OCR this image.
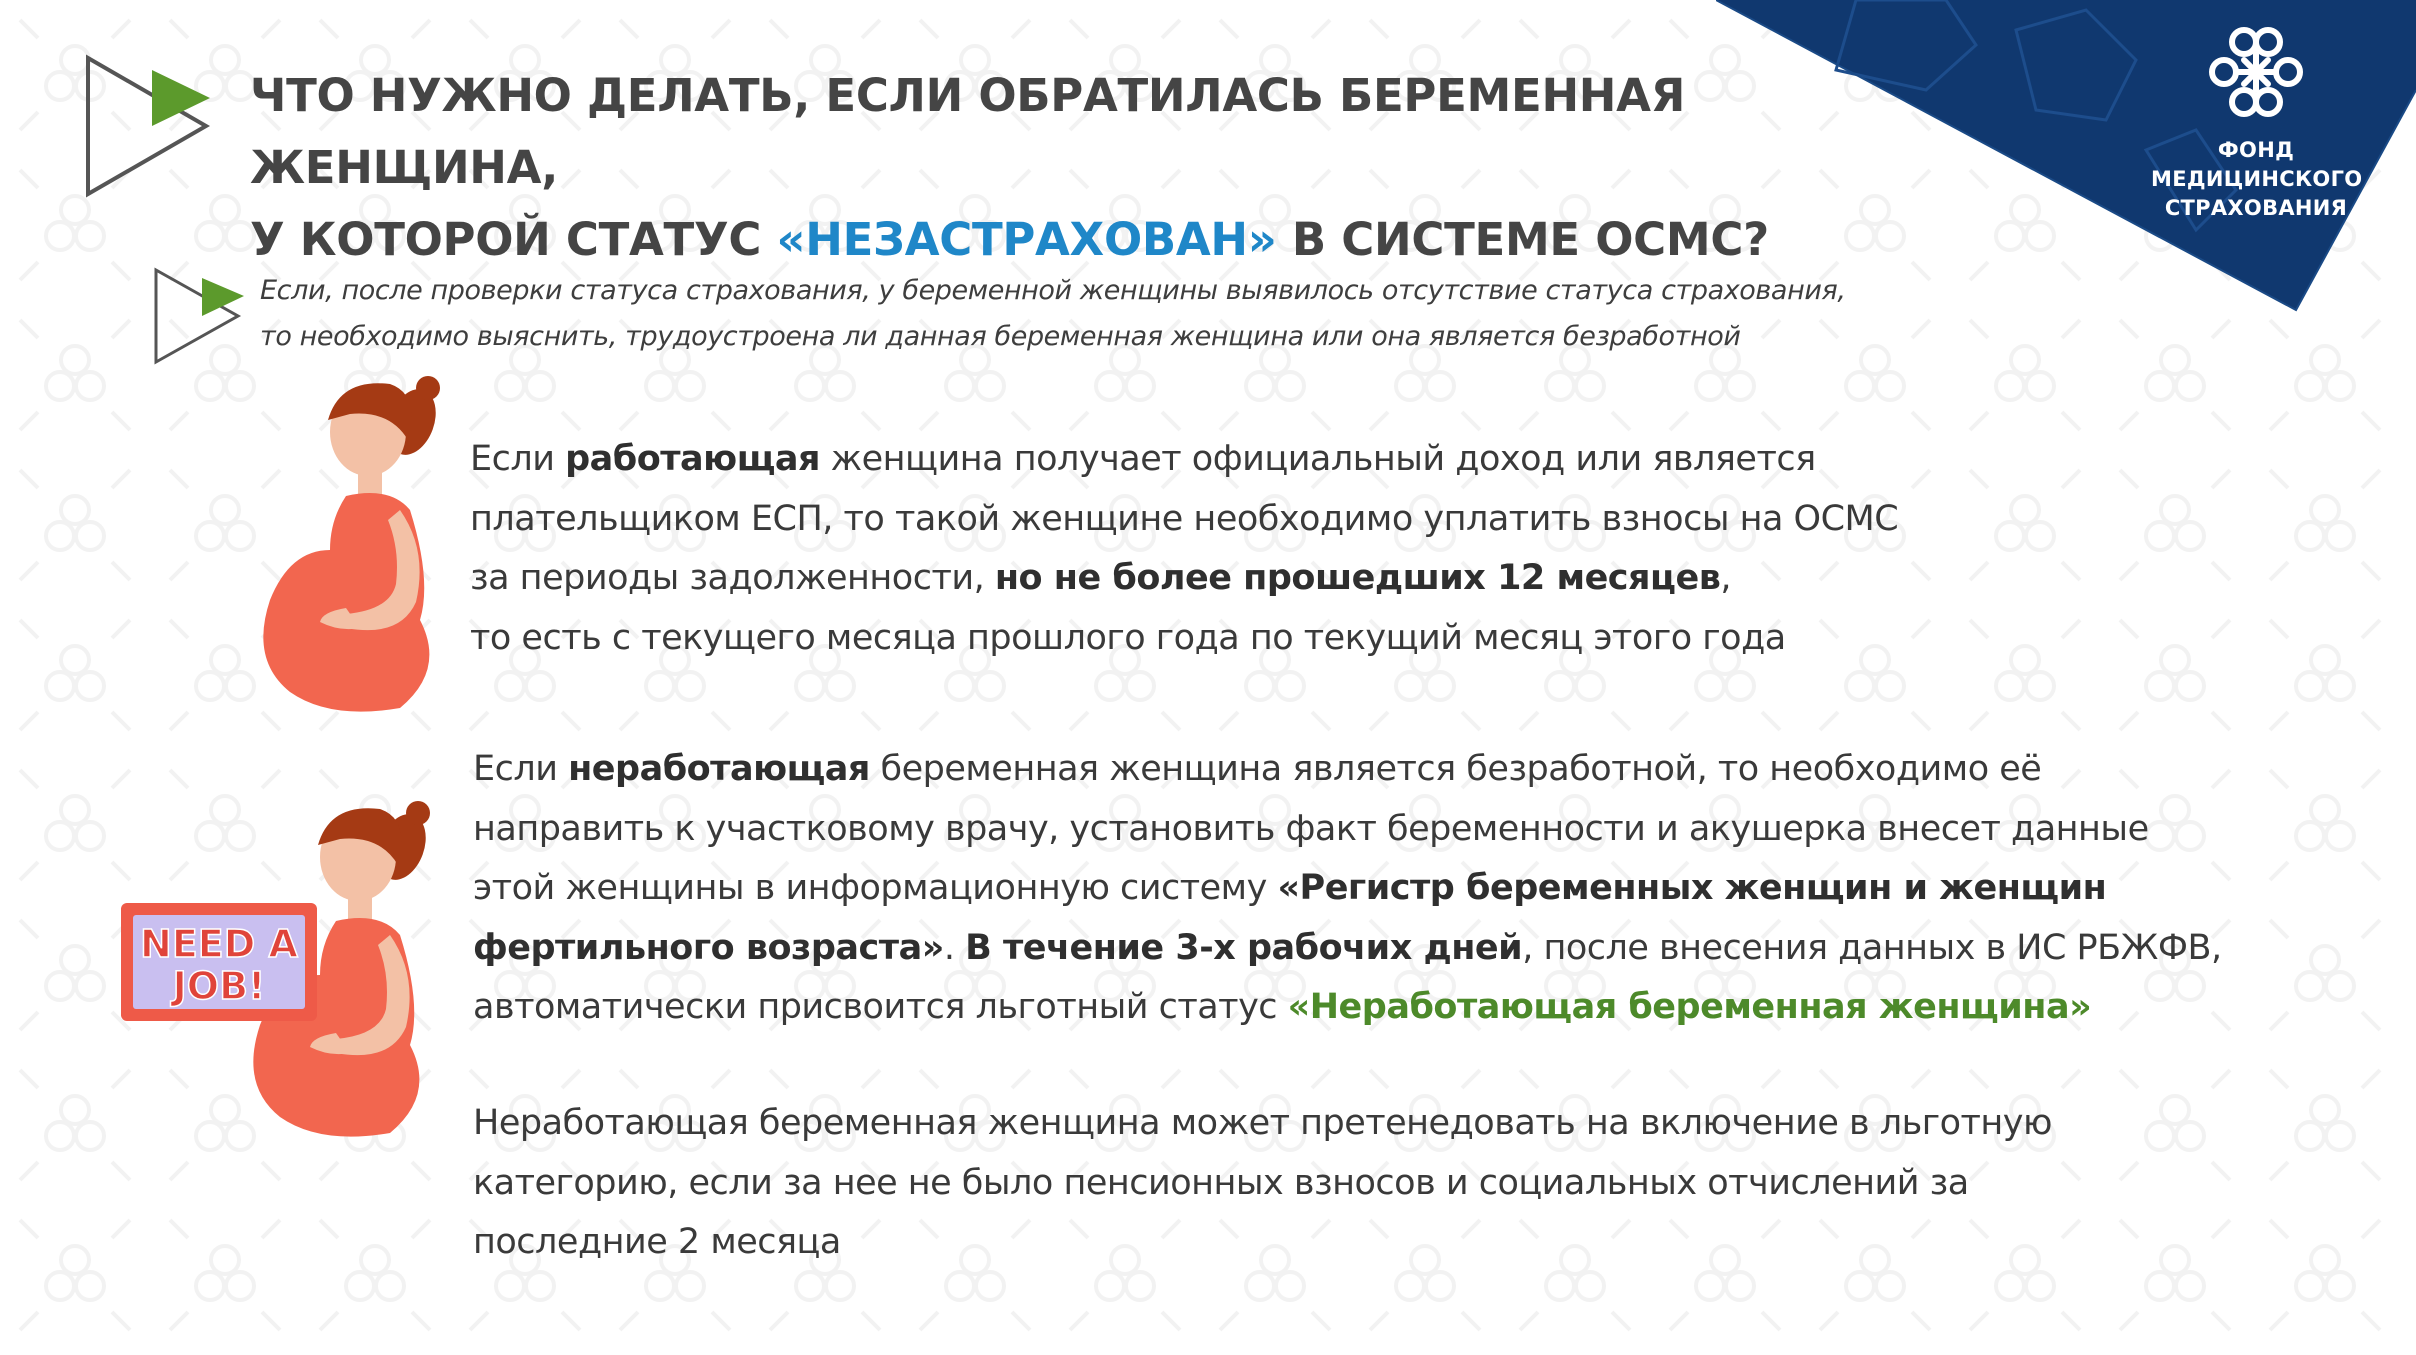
ФОНД
МЕДИЦИНСКОГО
СТРАХОВАНИЯ
ЧТО НУЖНО ДЕЛАТЬ, ЕСЛИ ОБРАТИЛАСЬ БЕРЕМЕННАЯ ЖЕНЩИНА,
У КОТОРОЙ СТАТУС «НЕЗАСТРАХОВАН» В СИСТЕМЕ ОСМС?
Если, после проверки статуса страхования, у беременной женщины выявилось отсутствие статуса страхования,
то необходимо выяснить, трудоустроена ли данная беременная женщина или она является безработной
NEED A
JOB!
Если работающая женщина получает официальный доход или является
плательщиком ЕСП, то такой женщине необходимо уплатить взносы на ОСМС
за периоды задолженности, но не более прошедших 12 месяцев,
то есть с текущего месяца прошлого года по текущий месяц этого года
Если неработающая беременная женщина является безработной, то необходимо её
направить к участковому врачу, установить факт беременности и акушерка внесет данные
этой женщины в информационную систему «Регистр беременных женщин и женщин
фертильного возраста». В течение 3-х рабочих дней, после внесения данных в ИС РБЖФВ,
автоматически присвоится льготный статус «Неработающая беременная женщина»
Неработающая беременная женщина может претенедовать на включение в льготную
категорию, если за нее не было пенсионных взносов и социальных отчислений за
последние 2 месяца
